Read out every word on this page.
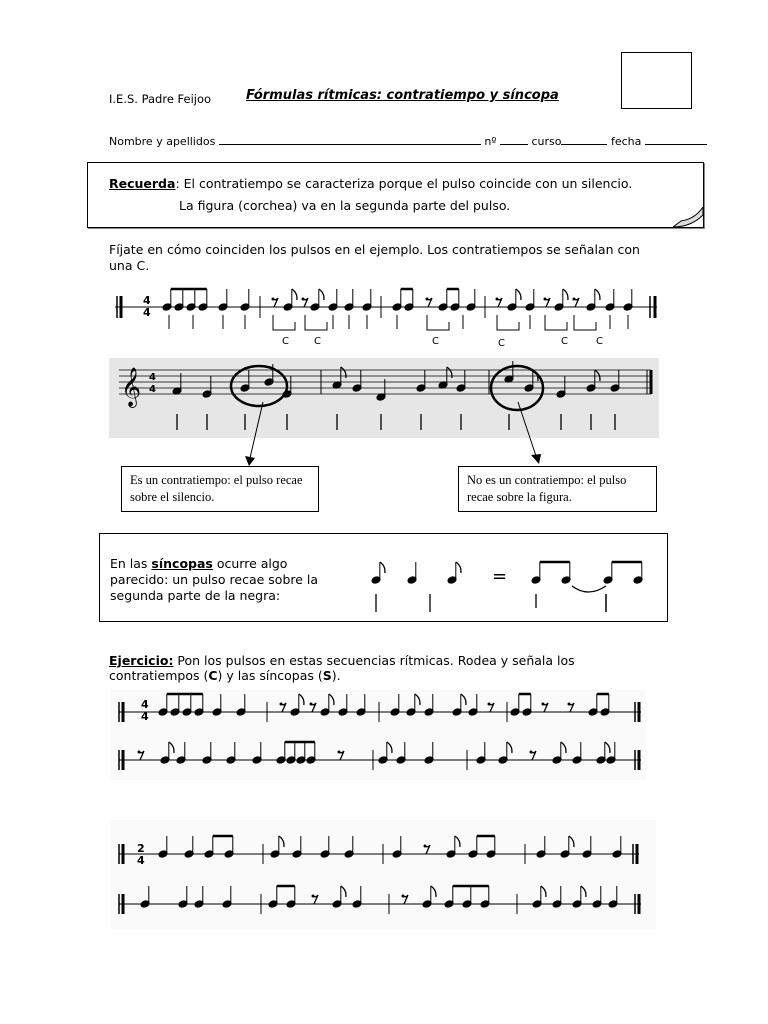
I.E.S. Padre Feijoo	Fórmulas rítmicas: contratiempo y síncopa
Nombre y apellidos	nº	curso	fecha
Recuerda: El contratiempo se caracteriza porque el pulso coincide con un silencio.
La figura (corchea) va en la segunda parte del pulso.
Fíjate en cómo coinciden los pulsos en el ejemplo. Los contratiempos se señalan con una C.
4
4
C	C	C	C	C	C
𝄞 4
4
Es un contratiempo: el pulso recae sobre el silencio.
No es un contratiempo: el pulso recae sobre la figura.
En las síncopas ocurre algo parecido: un pulso recae sobre la segunda parte de la negra:
=
Ejercicio: Pon los pulsos en estas secuencias rítmicas. Rodea y señala los contratiempos (C) y las síncopas (S).
4
4
2
4
